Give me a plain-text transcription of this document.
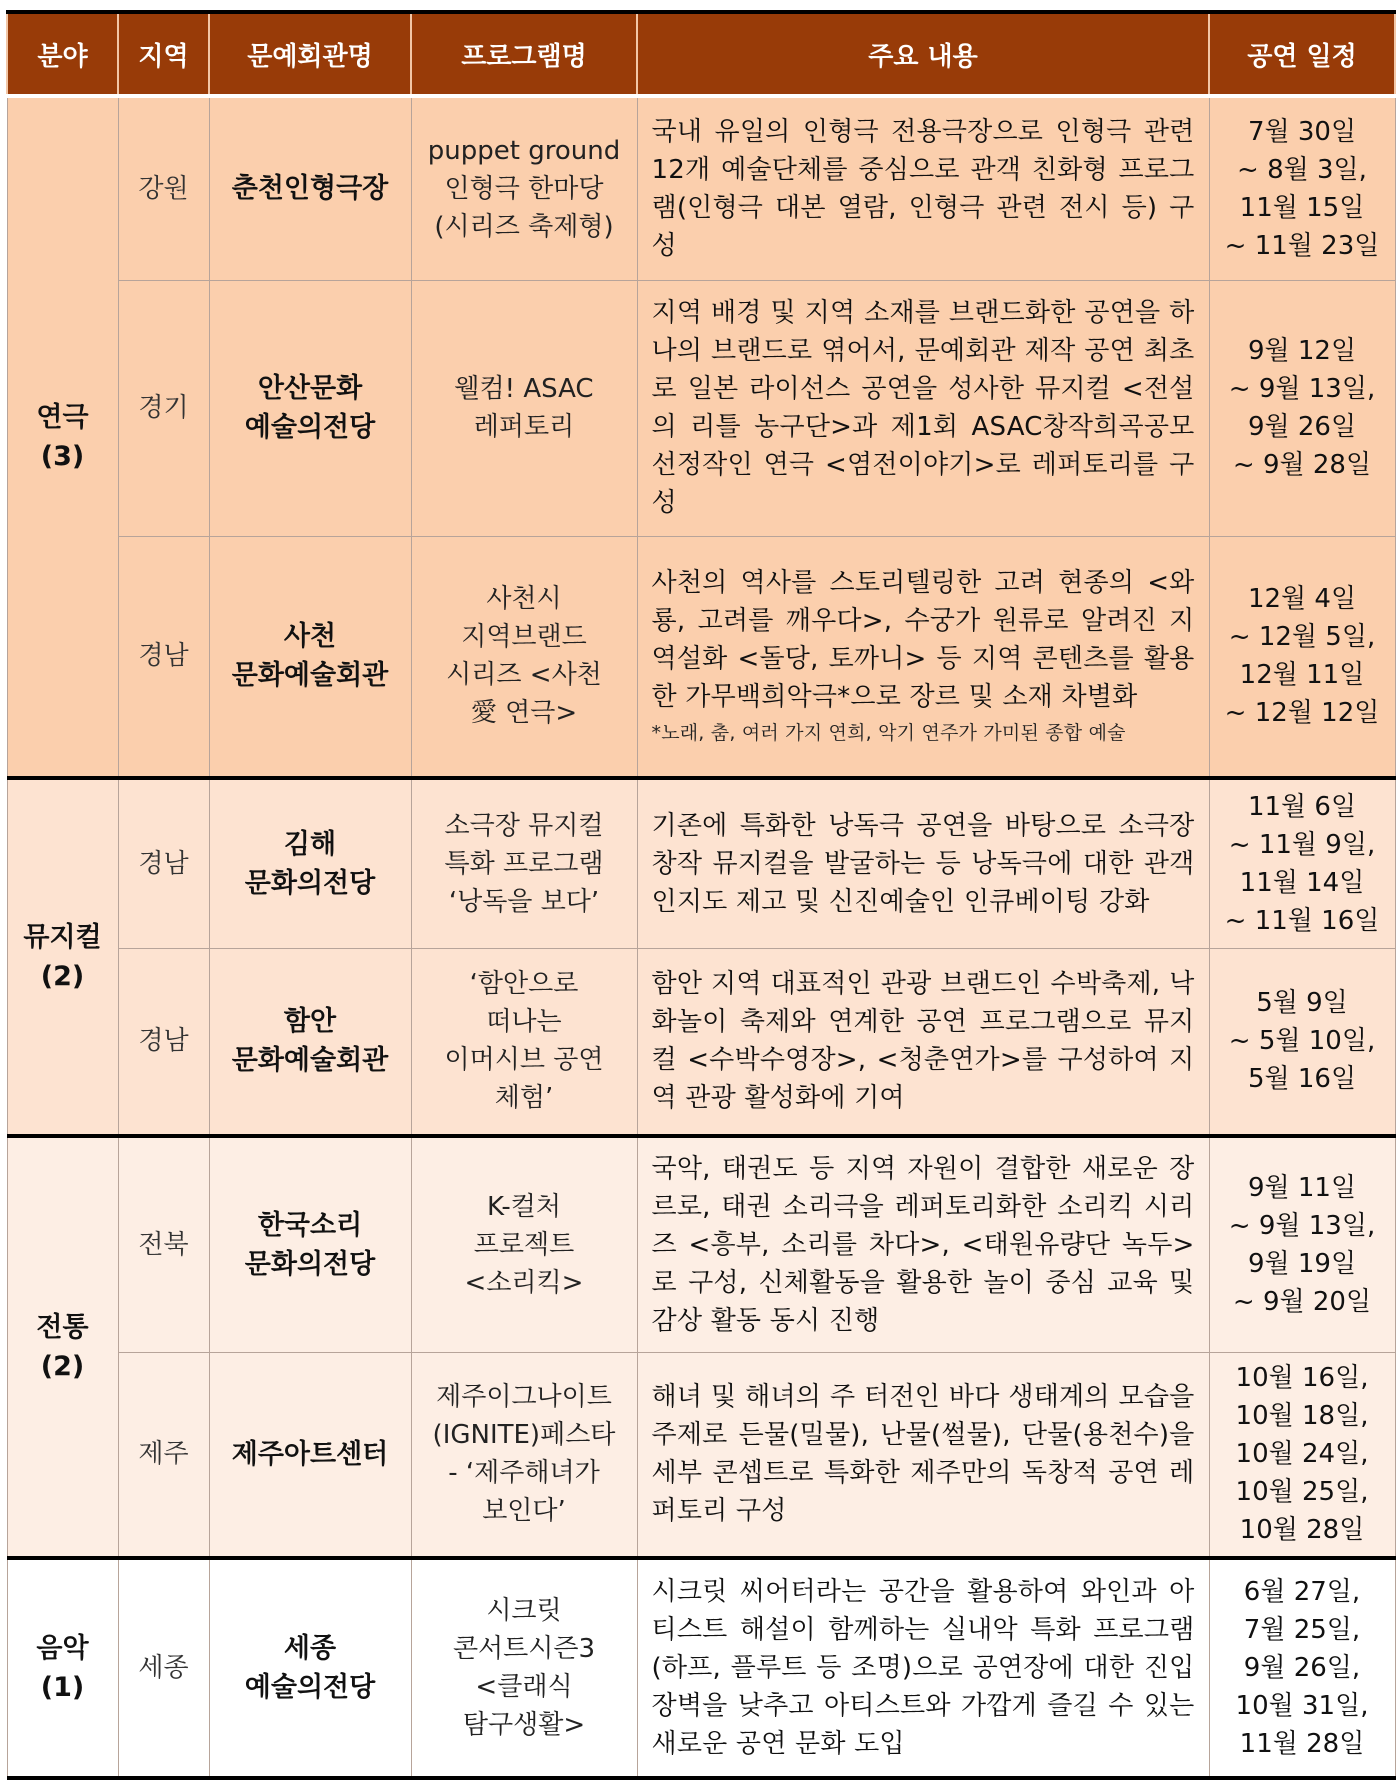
분야	지역	문예회관명	프로그램명	주요 내용	공연 일정

연극
(3)	강원	춘천인형극장	puppet ground
인형극 한마당
(시리즈 축제형)	국내 유일의 인형극 전용극장으로 인형극 관련 12개 예술단체를 중심으로 관객 친화형 프로그램(인형극 대본 열람, 인형극 관련 전시 등) 구성	7월 30일
~ 8월 3일,
11월 15일
~ 11월 23일

	경기	안산문화
예술의전당	웰컴! ASAC
레퍼토리	지역 배경 및 지역 소재를 브랜드화한 공연을 하나의 브랜드로 엮어서, 문예회관 제작 공연 최초로 일본 라이선스 공연을 성사한 뮤지컬 <전설의 리틀 농구단>과 제1회 ASAC창작희곡공모 선정작인 연극 <염전이야기>로 레퍼토리를 구성	9월 12일
~ 9월 13일,
9월 26일
~ 9월 28일

	경남	사천
문화예술회관	사천시
지역브랜드
시리즈 <사천
愛 연극>	사천의 역사를 스토리텔링한 고려 현종의 <와룡, 고려를 깨우다>, 수궁가 원류로 알려진 지역설화 <돌당, 토까니> 등 지역 콘텐츠를 활용한 가무백희악극*으로 장르 및 소재 차별화
*노래, 춤, 여러 가지 연희, 악기 연주가 가미된 종합 예술	12월 4일
~ 12월 5일,
12월 11일
~ 12월 12일

뮤지컬
(2)	경남	김해
문화의전당	소극장 뮤지컬
특화 프로그램
‘낭독을 보다’	기존에 특화한 낭독극 공연을 바탕으로 소극장 창작 뮤지컬을 발굴하는 등 낭독극에 대한 관객 인지도 제고 및 신진예술인 인큐베이팅 강화	11월 6일
~ 11월 9일,
11월 14일
~ 11월 16일

	경남	함안
문화예술회관	‘함안으로
떠나는
이머시브 공연
체험’	함안 지역 대표적인 관광 브랜드인 수박축제, 낙화놀이 축제와 연계한 공연 프로그램으로 뮤지컬 <수박수영장>, <청춘연가>를 구성하여 지역 관광 활성화에 기여	5월 9일
~ 5월 10일,
5월 16일

전통
(2)	전북	한국소리
문화의전당	K-컬처
프로젝트
<소리킥>	국악, 태권도 등 지역 자원이 결합한 새로운 장르로, 태권 소리극을 레퍼토리화한 소리킥 시리즈 <흥부, 소리를 차다>, <태원유량단 녹두>로 구성, 신체활동을 활용한 놀이 중심 교육 및 감상 활동 동시 진행	9월 11일
~ 9월 13일,
9월 19일
~ 9월 20일

	제주	제주아트센터	제주이그나이트
(IGNITE)페스타
- ‘제주해녀가
보인다’	해녀 및 해녀의 주 터전인 바다 생태계의 모습을 주제로 든물(밀물), 난물(썰물), 단물(용천수)을 세부 콘셉트로 특화한 제주만의 독창적 공연 레퍼토리 구성	10월 16일,
10월 18일,
10월 24일,
10월 25일,
10월 28일

음악
(1)	세종	세종
예술의전당	시크릿
콘서트시즌3
<클래식
탐구생활>	시크릿 씨어터라는 공간을 활용하여 와인과 아티스트 해설이 함께하는 실내악 특화 프로그램(하프, 플루트 등 조명)으로 공연장에 대한 진입장벽을 낮추고 아티스트와 가깝게 즐길 수 있는 새로운 공연 문화 도입	6월 27일,
7월 25일,
9월 26일,
10월 31일,
11월 28일
